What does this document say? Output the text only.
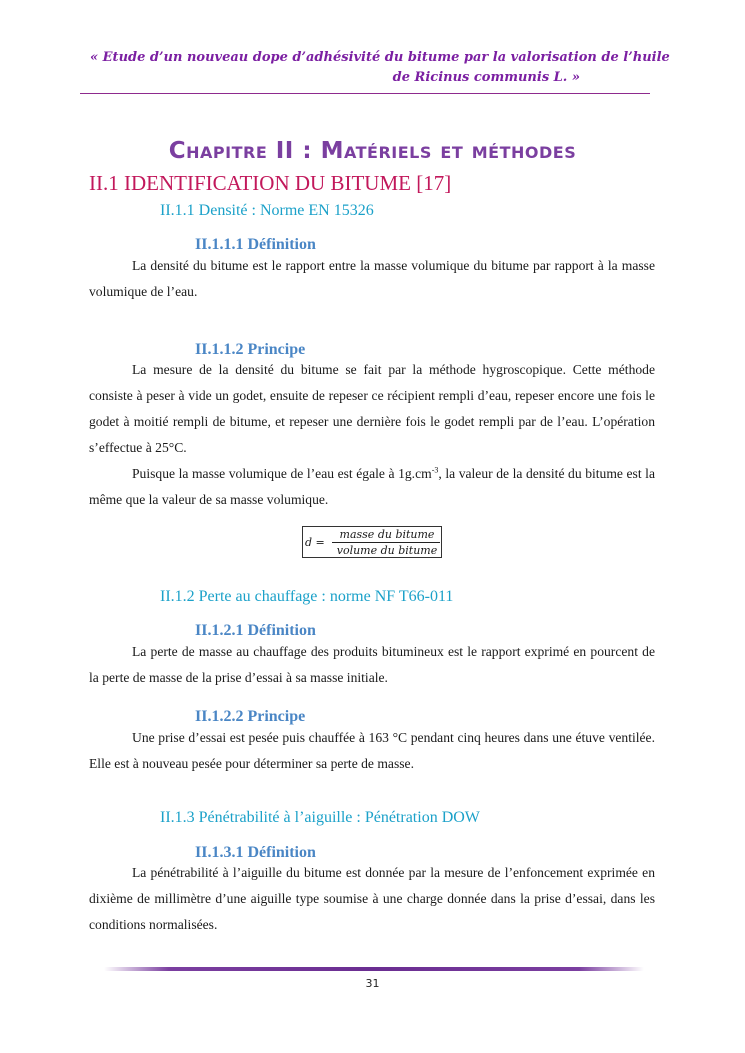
« Etude d’un nouveau dope d’adhésivité du bitume par la valorisation de l’huile
de Ricinus communis L. »
Chapitre II : Matériels et méthodes
II.1 IDENTIFICATION DU BITUME [17]
II.1.1 Densité : Norme EN 15326
II.1.1.1 Définition
La densité du bitume est le rapport entre la masse volumique du bitume par rapport à la masse volumique de l’eau.
II.1.1.2 Principe
La mesure de la densité du bitume se fait par la méthode hygroscopique. Cette méthode consiste à peser à vide un godet, ensuite de repeser ce récipient rempli d’eau, repeser encore une fois le godet à moitié rempli de bitume, et repeser une dernière fois le godet rempli par de l’eau. L’opération s’effectue à 25°C.
Puisque la masse volumique de l’eau est égale à $1g.cm^{-3}$, la valeur de la densité du bitume est la même que la valeur de sa masse volumique.
d =
masse du bitume
volume du bitume
II.1.2 Perte au chauffage : norme NF T66-011
II.1.2.1 Définition
La perte de masse au chauffage des produits bitumineux est le rapport exprimé en pourcent de la perte de masse de la prise d’essai à sa masse initiale.
II.1.2.2 Principe
Une prise d’essai est pesée puis chauffée à 163 °C pendant cinq heures dans une étuve ventilée. Elle est à nouveau pesée pour déterminer sa perte de masse.
II.1.3 Pénétrabilité à l’aiguille : Pénétration DOW
II.1.3.1 Définition
La pénétrabilité à l’aiguille du bitume est donnée par la mesure de l’enfoncement exprimée en dixième de millimètre d’une aiguille type soumise à une charge donnée dans la prise d’essai, dans les conditions normalisées.
31
